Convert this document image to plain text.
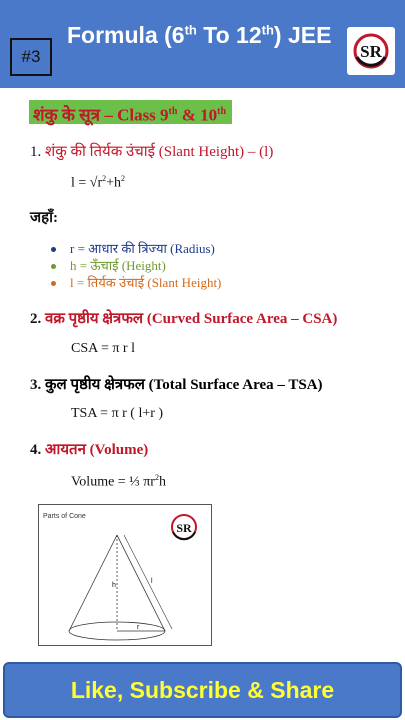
#3
Formula (6th To 12th) JEE
SR
शंकु के सूत्र – Class 9th & 10th
1. शंकु की तिर्यक उंचाई (Slant Height) – (l)
$l = √r^2+h^2$
जहाँ:
r = आधार की त्रिज्या (Radius)
h = ऊँचाई (Height)
l = तिर्यक उंचाई (Slant Height)
2. वक्र पृष्ठीय क्षेत्रफल (Curved Surface Area – CSA)
CSA = π r l
3. कुल पृष्ठीय क्षेत्रफल (Total Surface Area – TSA)
TSA = π r ( l+r )
4. आयतन (Volume)
Volume = ⅓ $\pi r^2h$
Parts of Cone
h
l
r
SR
Like, Subscribe & Share
